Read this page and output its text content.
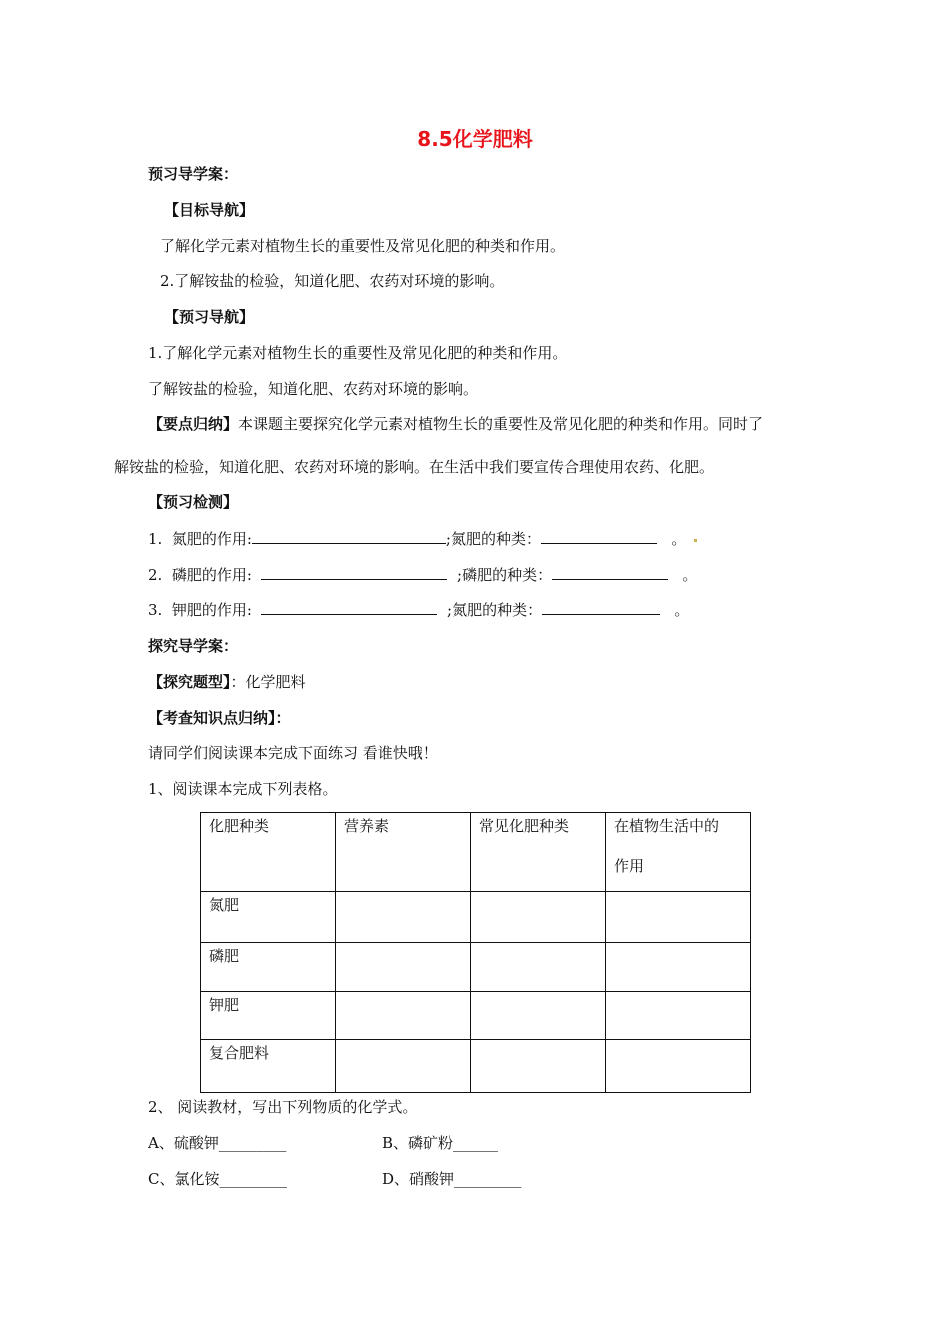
8.5化学肥料
预习导学案：
【目标导航】
了解化学元素对植物生长的重要性及常见化肥的种类和作用。
2.了解铵盐的检验，知道化肥、农药对环境的影响。
【预习导航】
1.了解化学元素对植物生长的重要性及常见化肥的种类和作用。
了解铵盐的检验，知道化肥、农药对环境的影响。
【要点归纳】本课题主要探究化学元素对植物生长的重要性及常见化肥的种类和作用。同时了
解铵盐的检验，知道化肥、农药对环境的影响。在生活中我们要宣传合理使用农药、化肥。
【预习检测】
1. 氮肥的作用:	;氮肥的种类：	。
2. 磷肥的作用:	;磷肥的种类：	。
3. 钾肥的作用:	;氮肥的种类：	。
探究导学案：
【探究题型】：化学肥料
【考查知识点归纳】：
请同学们阅读课本完成下面练习 看谁快哦！
1、阅读课本完成下列表格。
化肥种类	营养素	常见化肥种类	在植物生活中的
作用

氮肥			
磷肥			
钾肥			
复合肥料			
2、 阅读教材，写出下列物质的化学式。
A、硫酸钾_________	B、磷矿粉______
C、氯化铵_________	D、硝酸钾_________
